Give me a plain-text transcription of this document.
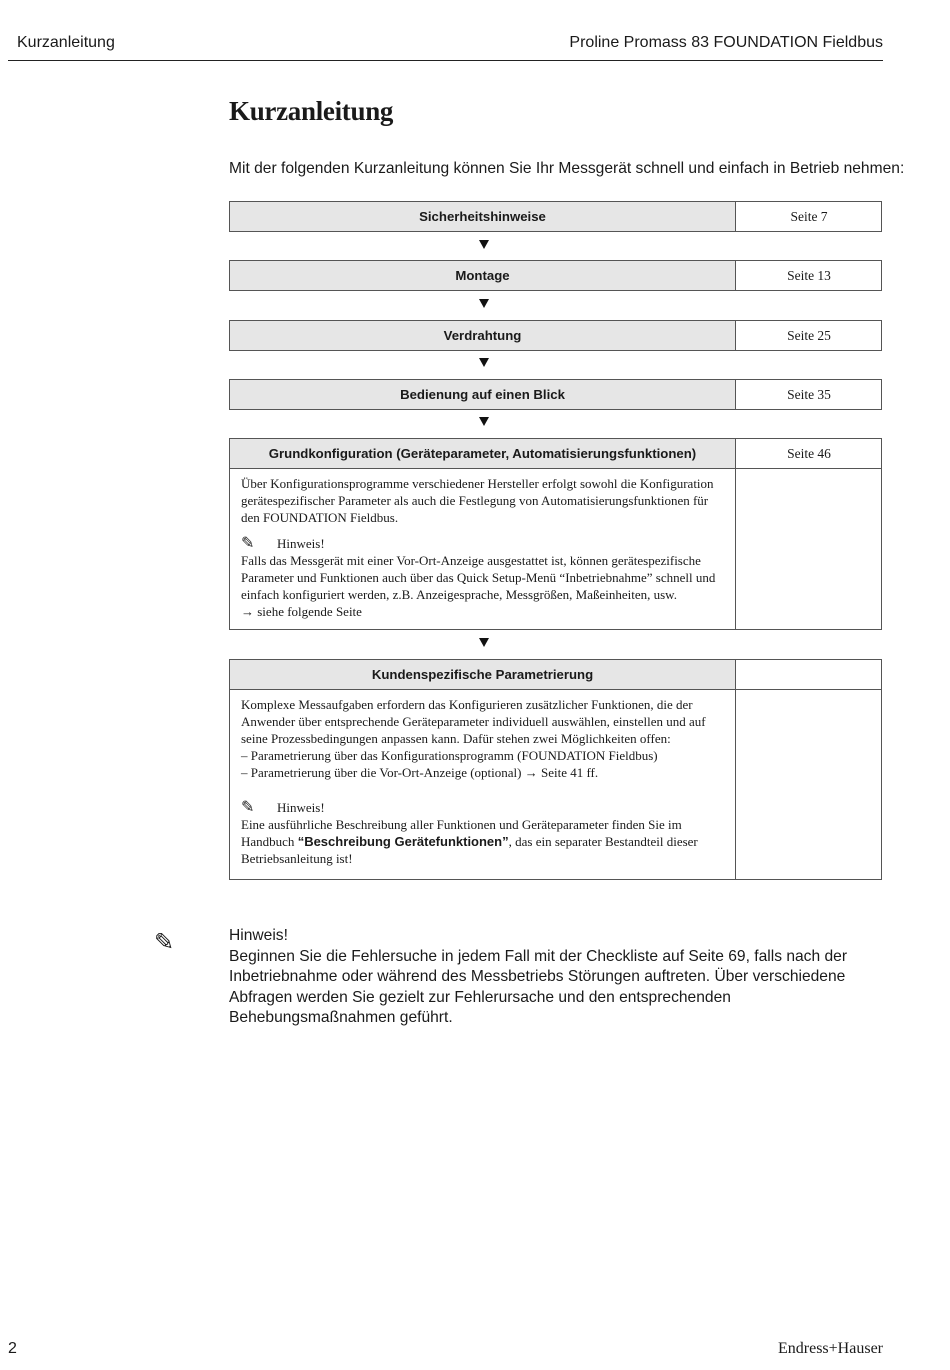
Kurzanleitung	Proline Promass 83 FOUNDATION Fieldbus
Kurzanleitung
Mit der folgenden Kurzanleitung können Sie Ihr Messgerät schnell und einfach in Betrieb nehmen:
Sicherheitshinweise	Seite 7
Montage	Seite 13
Verdrahtung	Seite 25
Bedienung auf einen Blick	Seite 35
Grundkonfiguration (Geräteparameter, Automatisierungsfunktionen)	Seite 46

Über Konfigurationsprogramme verschiedener Hersteller erfolgt sowohl die Konfiguration gerätespezifischer Parameter als auch die Festlegung von Automatisierungsfunktionen für den FOUNDATION Fieldbus.

✎	Hinweis!

Falls das Messgerät mit einer Vor-Ort-Anzeige ausgestattet ist, können gerätespezifische Parameter und Funktionen auch über das Quick Setup-Menü “Inbetriebnahme” schnell und einfach konfiguriert werden, z.B. Anzeigesprache, Messgrößen, Maßeinheiten, usw.

→ siehe folgende Seite

Kundenspezifische Parametrierung

Komplexe Messaufgaben erfordern das Konfigurieren zusätzlicher Funktionen, die der Anwender über entsprechende Geräteparameter individuell auswählen, einstellen und auf seine Prozessbedingungen anpassen kann. Dafür stehen zwei Möglichkeiten offen:

– Parametrierung über das Konfigurationsprogramm (FOUNDATION Fieldbus)

– Parametrierung über die Vor-Ort-Anzeige (optional) → Seite 41 ff.

✎	Hinweis!

Eine ausführliche Beschreibung aller Funktionen und Geräteparameter finden Sie im Handbuch “Beschreibung Gerätefunktionen”, das ein separater Bestandteil dieser Betriebsanleitung ist!

✎	Hinweis!
Beginnen Sie die Fehlersuche in jedem Fall mit der Checkliste auf Seite 69, falls nach der Inbetriebnahme oder während des Messbetriebs Störungen auftreten. Über verschiedene Abfragen werden Sie gezielt zur Fehlerursache und den entsprechenden Behebungsmaßnahmen geführt.
2	Endress+Hauser
